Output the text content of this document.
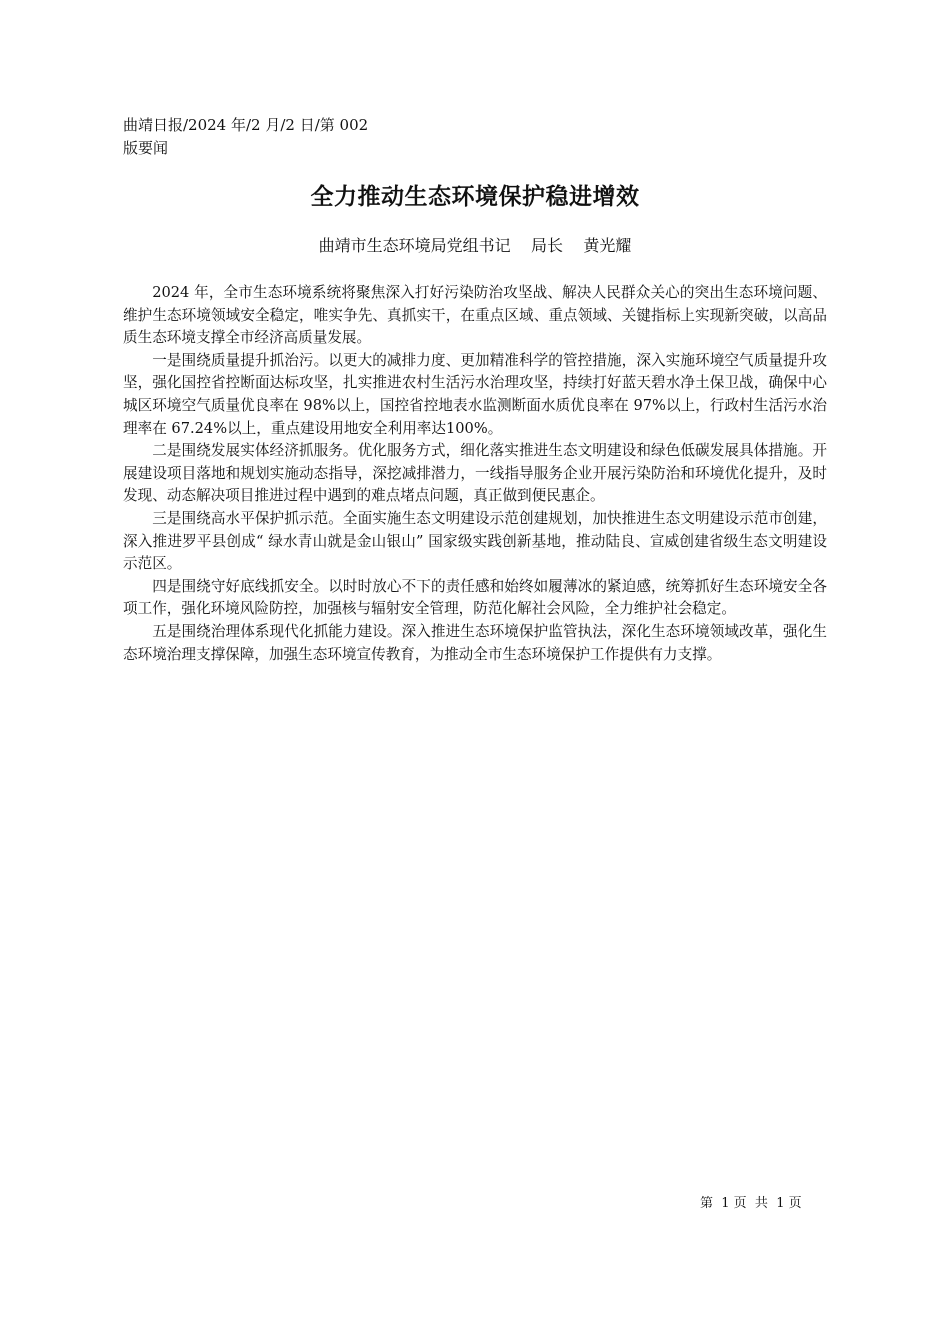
曲靖日报/2024 年/2 月/2 日/第 002
版要闻
全力推动生态环境保护稳进增效
曲靖市生态环境局党组书记    局长    黄光耀

2024 年，全市生态环境系统将聚焦深入打好污染防治攻坚战、解决人民群众关心的突出生态环境问题、维护生态环境领域安全稳定，唯实争先、真抓实干，在重点区域、重点领域、关键指标上实现新突破，以高品质生态环境支撑全市经济高质量发展。

一是围绕质量提升抓治污。以更大的减排力度、更加精准科学的管控措施，深入实施环境空气质量提升攻坚，强化国控省控断面达标攻坚，扎实推进农村生活污水治理攻坚，持续打好蓝天碧水净土保卫战，确保中心城区环境空气质量优良率在 98%以上，国控省控地表水监测断面水质优良率在 97%以上，行政村生活污水治理率在 67.24%以上，重点建设用地安全利用率达100%。

二是围绕发展实体经济抓服务。优化服务方式，细化落实推进生态文明建设和绿色低碳发展具体措施。开展建设项目落地和规划实施动态指导，深挖减排潜力，一线指导服务企业开展污染防治和环境优化提升，及时发现、动态解决项目推进过程中遇到的难点堵点问题，真正做到便民惠企。

三是围绕高水平保护抓示范。全面实施生态文明建设示范创建规划，加快推进生态文明建设示范市创建，深入推进罗平县创成“ 绿水青山就是金山银山” 国家级实践创新基地，推动陆良、宣威创建省级生态文明建设示范区。

四是围绕守好底线抓安全。以时时放心不下的责任感和始终如履薄冰的紧迫感，统筹抓好生态环境安全各项工作，强化环境风险防控，加强核与辐射安全管理，防范化解社会风险，全力维护社会稳定。

五是围绕治理体系现代化抓能力建设。深入推进生态环境保护监管执法，深化生态环境领域改革，强化生态环境治理支撑保障，加强生态环境宣传教育，为推动全市生态环境保护工作提供有力支撑。

第  1 页  共  1 页
